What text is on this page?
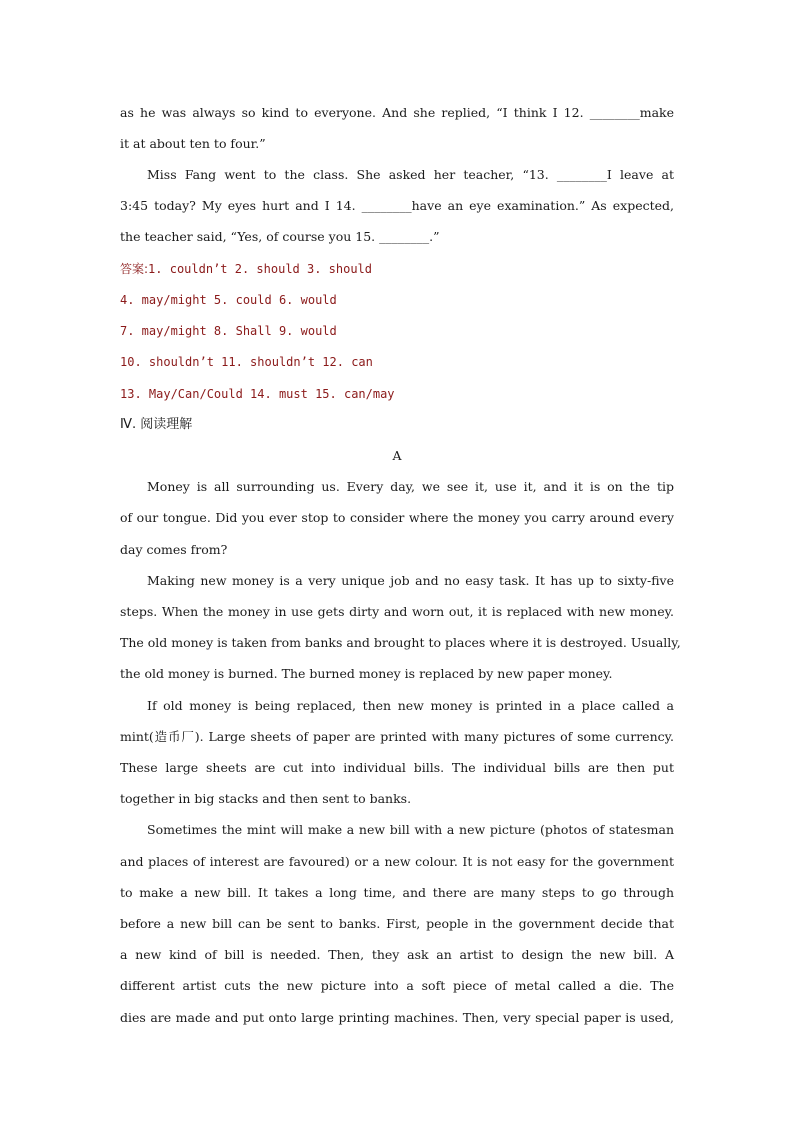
as he was always so kind to everyone. And she replied, “I think I 12. ________make
it at about ten to four.”
Miss Fang went to the class. She asked her teacher, “13. ________I leave at
3:45 today? My eyes hurt and I 14. ________have an eye examination.” As expected,
the teacher said, “Yes, of course you 15. ________.”
答案:1. couldn’t 2. should 3. should
4. may/might 5. could 6. would
7. may/might 8. Shall 9. would
10. shouldn’t 11. shouldn’t 12. can
13. May/Can/Could 14. must 15. can/may
Ⅳ. 阅读理解
A
Money is all surrounding us. Every day, we see it, use it, and it is on the tip
of our tongue. Did you ever stop to consider where the money you carry around every
day comes from?
Making new money is a very unique job and no easy task. It has up to sixty-five
steps. When the money in use gets dirty and worn out, it is replaced with new money.
The old money is taken from banks and brought to places where it is destroyed. Usually,
the old money is burned. The burned money is replaced by new paper money.
If old money is being replaced, then new money is printed in a place called a
mint(造币厂). Large sheets of paper are printed with many pictures of some currency.
These large sheets are cut into individual bills. The individual bills are then put
together in big stacks and then sent to banks.
Sometimes the mint will make a new bill with a new picture (photos of statesman
and places of interest are favoured) or a new colour. It is not easy for the government
to make a new bill. It takes a long time, and there are many steps to go through
before a new bill can be sent to banks. First, people in the government decide that
a new kind of bill is needed. Then, they ask an artist to design the new bill. A
different artist cuts the new picture into a soft piece of metal called a die. The
dies are made and put onto large printing machines. Then, very special paper is used,
